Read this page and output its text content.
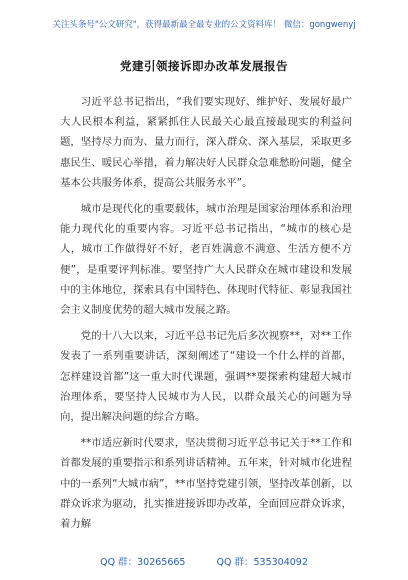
关注头条号"公文研究"，获得最新最全最专业的公文资料库！ 微信：gongwenyj
党建引领接诉即办改革发展报告

习近平总书记指出，“我们要实现好、维护好、发展好最广大人民根本利益，紧紧抓住人民最关心最直接最现实的利益问题，坚持尽力而为、量力而行，深入群众、深入基层，采取更多惠民生、暖民心举措，着力解决好人民群众急难愁盼问题，健全基本公共服务体系，提高公共服务水平”。

城市是现代化的重要载体，城市治理是国家治理体系和治理能力现代化的重要内容。习近平总书记指出，“城市的核心是人，城市工作做得好不好，老百姓满意不满意、生活方便不方便”，是重要评判标准。要坚持广大人民群众在城市建设和发展中的主体地位，探索具有中国特色、体现时代特征、彰显我国社会主义制度优势的超大城市发展之路。

党的十八大以来，习近平总书记先后多次视察**，对**工作发表了一系列重要讲话，深刻阐述了“建设一个什么样的首都，怎样建设首都”这一重大时代课题，强调**要探索构建超大城市治理体系，要坚持人民城市为人民，以群众最关心的问题为导向，提出解决问题的综合方略。

**市适应新时代要求，坚决贯彻习近平总书记关于**工作和首都发展的重要指示和系列讲话精神。五年来，针对城市化进程中的一系列“大城市病”，**市坚持党建引领，坚持改革创新，以群众诉求为驱动，扎实推进接诉即办改革，全面回应群众诉求，着力解

QQ 群：30265665	QQ 群：535304092
